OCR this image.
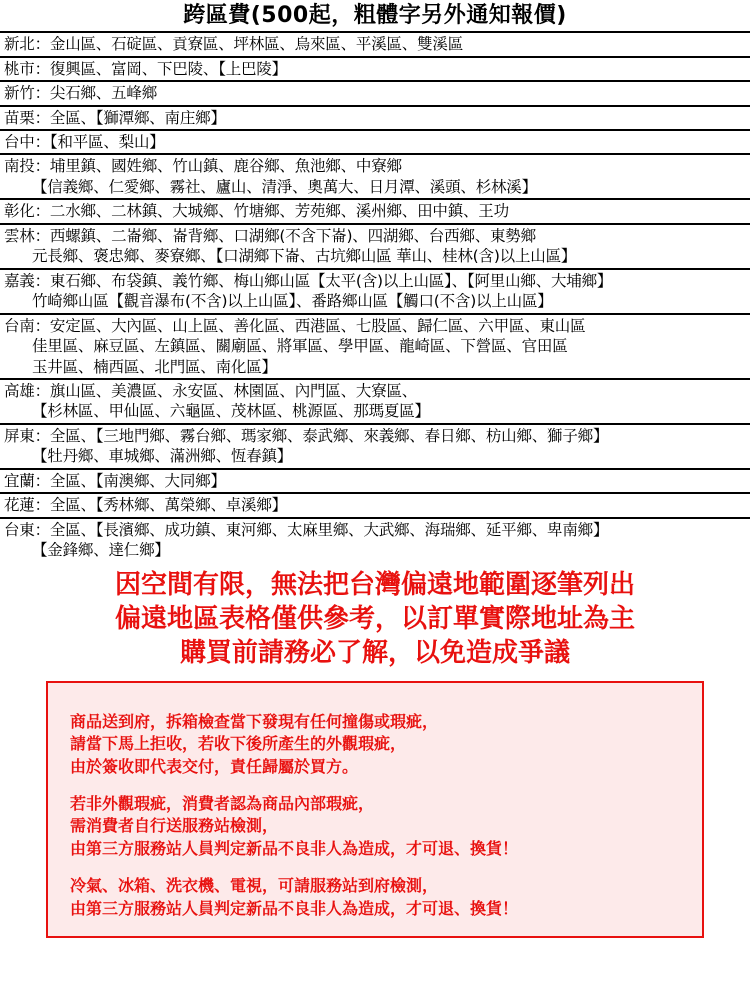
跨區費(500起，粗體字另外通知報價)
新北：金山區、石碇區、貢寮區、坪林區、烏來區、平溪區、雙溪區
桃市：復興區、富岡、下巴陵、【上巴陵】
新竹：尖石鄉、五峰鄉
苗栗：全區、【獅潭鄉、南庄鄉】
台中：【和平區、梨山】
南投：埔里鎮、國姓鄉、竹山鎮、鹿谷鄉、魚池鄉、中寮鄉
【信義鄉、仁愛鄉、霧社、廬山、清淨、奧萬大、日月潭、溪頭、杉林溪】
彰化：二水鄉、二林鎮、大城鄉、竹塘鄉、芳苑鄉、溪州鄉、田中鎮、王功
雲林：西螺鎮、二崙鄉、崙背鄉、口湖鄉(不含下崙)、四湖鄉、台西鄉、東勢鄉
元長鄉、褒忠鄉、麥寮鄉、【口湖鄉下崙、古坑鄉山區 華山、桂林(含)以上山區】
嘉義：東石鄉、布袋鎮、義竹鄉、梅山鄉山區【太平(含)以上山區】、【阿里山鄉、大埔鄉】
竹崎鄉山區【觀音瀑布(不含)以上山區】、番路鄉山區【觸口(不含)以上山區】
台南：安定區、大內區、山上區、善化區、西港區、七股區、歸仁區、六甲區、東山區
佳里區、麻豆區、左鎮區、關廟區、將軍區、學甲區、龍崎區、下營區、官田區
玉井區、楠西區、北門區、南化區】
高雄：旗山區、美濃區、永安區、林園區、內門區、大寮區、
【杉林區、甲仙區、六龜區、茂林區、桃源區、那瑪夏區】
屏東：全區、【三地門鄉、霧台鄉、瑪家鄉、泰武鄉、來義鄉、春日鄉、枋山鄉、獅子鄉】
【牡丹鄉、車城鄉、滿洲鄉、恆春鎮】
宜蘭：全區、【南澳鄉、大同鄉】
花蓮：全區、【秀林鄉、萬榮鄉、卓溪鄉】
台東：全區、【長濱鄉、成功鎮、東河鄉、太麻里鄉、大武鄉、海瑞鄉、延平鄉、卑南鄉】
【金鋒鄉、達仁鄉】
因空間有限，無法把台灣偏遠地範圍逐筆列出
偏遠地區表格僅供參考，以訂單實際地址為主
購買前請務必了解，以免造成爭議

商品送到府，拆箱檢查當下發現有任何撞傷或瑕疵，
請當下馬上拒收，若收下後所產生的外觀瑕疵，
由於簽收即代表交付，責任歸屬於買方。

若非外觀瑕疵，消費者認為商品內部瑕疵，
需消費者自行送服務站檢測，
由第三方服務站人員判定新品不良非人為造成，才可退、換貨！

冷氣、冰箱、洗衣機、電視，可請服務站到府檢測，
由第三方服務站人員判定新品不良非人為造成，才可退、換貨！
